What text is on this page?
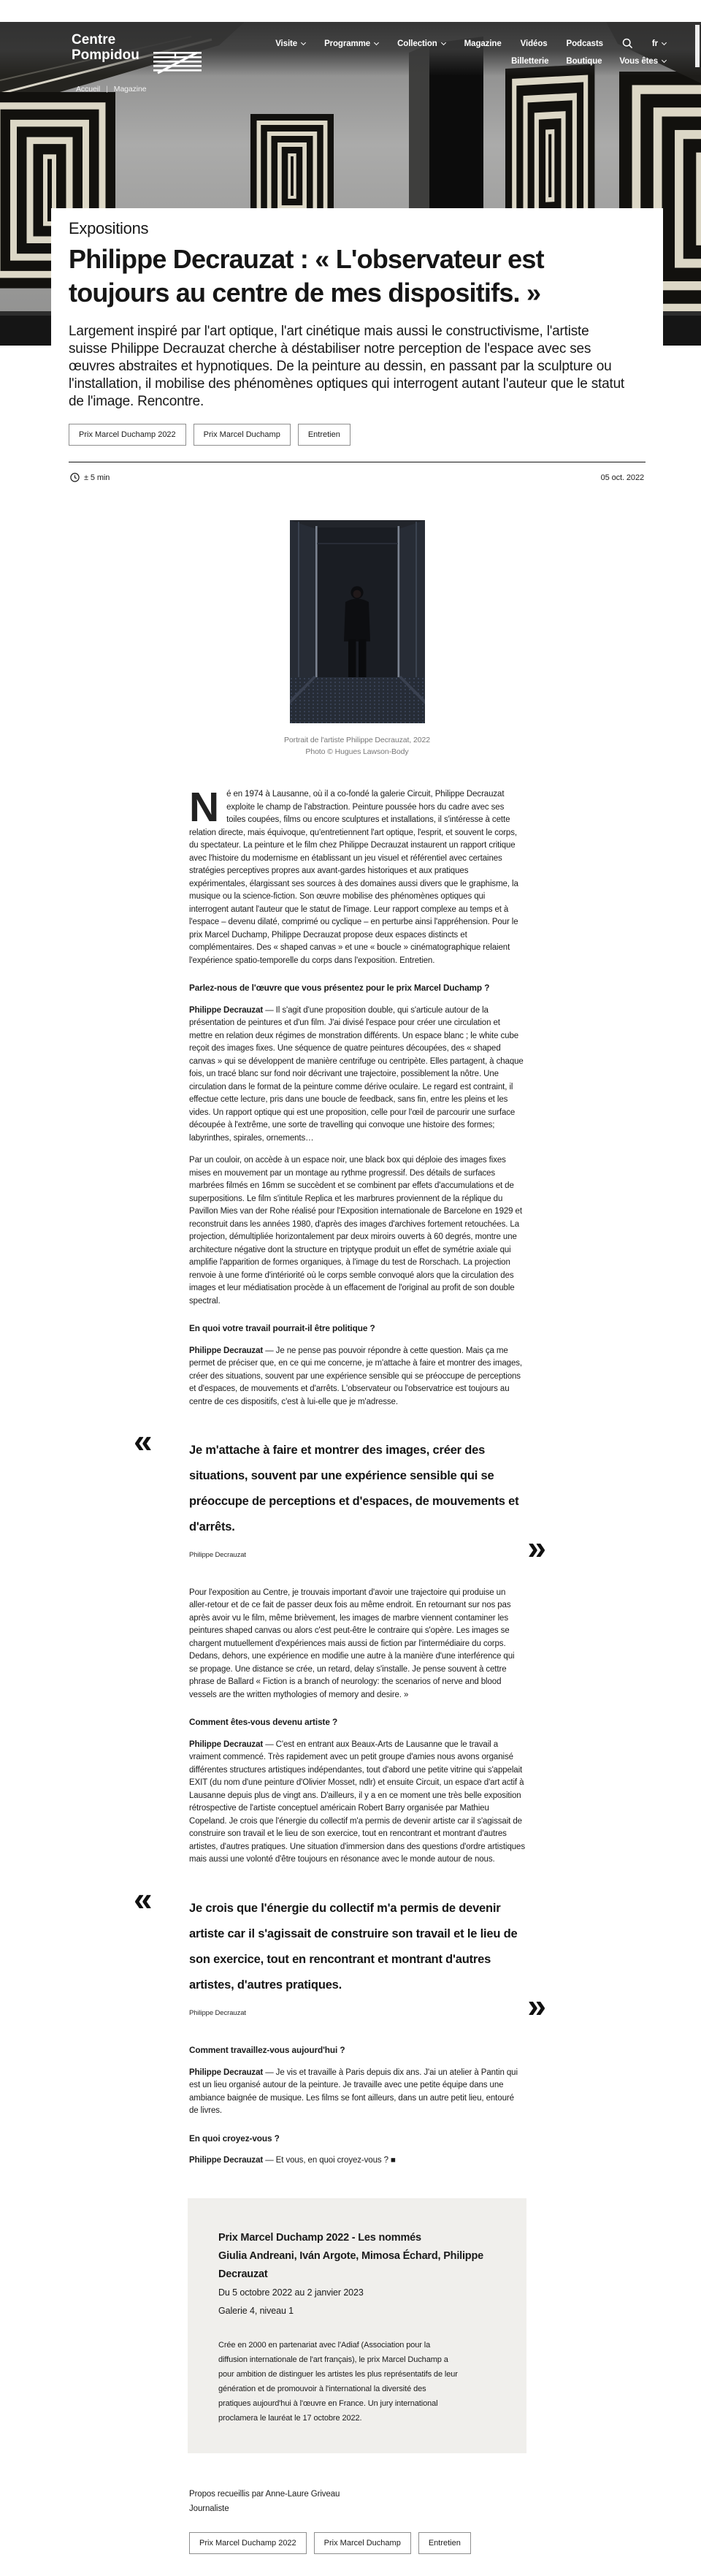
Centre
Pompidou
Visite	Programme	Collection	Magazine Vidéos Podcasts	fr
Billetterie Boutique Vous êtes
Accueil | Magazine
Expositions
Philippe Decrauzat : « L'observateur est toujours au centre de mes dispositifs. »

Largement inspiré par l'art optique, l'art cinétique mais aussi le constructivisme, l'artiste suisse Philippe Decrauzat cherche à déstabiliser notre perception de l'espace avec ses œuvres abstraites et hypnotiques. De la peinture au dessin, en passant par la sculpture ou l'installation, il mobilise des phénomènes optiques qui interrogent autant l'auteur que le statut de l'image. Rencontre.

Prix Marcel Duchamp 2022	Prix Marcel Duchamp	Entretien
± 5 min	05 oct. 2022
Portrait de l'artiste Philippe Decrauzat, 2022
Photo © Hugues Lawson-Body

Né en 1974 à Lausanne, où il a co-fondé la galerie Circuit, Philippe Decrauzat exploite le champ de l'abstraction. Peinture poussée hors du cadre avec ses toiles coupées, films ou encore sculptures et installations, il s'intéresse à cette relation directe, mais équivoque, qu'entretiennent l'art optique, l'esprit, et souvent le corps, du spectateur. La peinture et le film chez Philippe Decrauzat instaurent un rapport critique avec l'histoire du modernisme en établissant un jeu visuel et référentiel avec certaines stratégies perceptives propres aux avant-gardes historiques et aux pratiques expérimentales, élargissant ses sources à des domaines aussi divers que le graphisme, la musique ou la science-fiction. Son œuvre mobilise des phénomènes optiques qui interrogent autant l'auteur que le statut de l'image. Leur rapport complexe au temps et à l'espace – devenu dilaté, comprimé ou cyclique – en perturbe ainsi l'appréhension. Pour le prix Marcel Duchamp, Philippe Decrauzat propose deux espaces distincts et complémentaires. Des « shaped canvas » et une « boucle » cinématographique relaient l'expérience spatio-temporelle du corps dans l'exposition. Entretien.

Parlez-nous de l'œuvre que vous présentez pour le prix Marcel Duchamp ?

Philippe Decrauzat — Il s'agit d'une proposition double, qui s'articule autour de la présentation de peintures et d'un film. J'ai divisé l'espace pour créer une circulation et mettre en relation deux régimes de monstration différents. Un espace blanc ; le white cube reçoit des images fixes. Une séquence de quatre peintures découpées, des « shaped canvas » qui se développent de manière centrifuge ou centripète. Elles partagent, à chaque fois, un tracé blanc sur fond noir décrivant une trajectoire, possiblement la nôtre. Une circulation dans le format de la peinture comme dérive oculaire. Le regard est contraint, il effectue cette lecture, pris dans une boucle de feedback, sans fin, entre les pleins et les vides. Un rapport optique qui est une proposition, celle pour l'œil de parcourir une surface découpée à l'extrême, une sorte de travelling qui convoque une histoire des formes; labyrinthes, spirales, ornements…

Par un couloir, on accède à un espace noir, une black box qui déploie des images fixes mises en mouvement par un montage au rythme progressif. Des détails de surfaces marbrées filmés en 16mm se succèdent et se combinent par effets d'accumulations et de superpositions. Le film s'intitule Replica et les marbrures proviennent de la réplique du Pavillon Mies van der Rohe réalisé pour l'Exposition internationale de Barcelone en 1929 et reconstruit dans les années 1980, d'après des images d'archives fortement retouchées. La projection, démultipliée horizontalement par deux miroirs ouverts à 60 degrés, montre une architecture négative dont la structure en triptyque produit un effet de symétrie axiale qui amplifie l'apparition de formes organiques, à l'image du test de Rorschach. La projection renvoie à une forme d'intériorité où le corps semble convoqué alors que la circulation des images et leur médiatisation procède à un effacement de l'original au profit de son double spectral.

En quoi votre travail pourrait-il être politique ?

Philippe Decrauzat — Je ne pense pas pouvoir répondre à cette question. Mais ça me permet de préciser que, en ce qui me concerne, je m'attache à faire et montrer des images, créer des situations, souvent par une expérience sensible qui se préoccupe de perceptions et d'espaces, de mouvements et d'arrêts. L'observateur ou l'observatrice est toujours au centre de ces dispositifs, c'est à lui-elle que je m'adresse.

«	Je m'attache à faire et montrer des images, créer des situations, souvent par une expérience sensible qui se préoccupe de perceptions et d'espaces, de mouvements et d'arrêts.
»
Philippe Decrauzat

Pour l'exposition au Centre, je trouvais important d'avoir une trajectoire qui produise un aller-retour et de ce fait de passer deux fois au même endroit. En retournant sur nos pas après avoir vu le film, même brièvement, les images de marbre viennent contaminer les peintures shaped canvas ou alors c'est peut-être le contraire qui s'opère. Les images se chargent mutuellement d'expériences mais aussi de fiction par l'intermédiaire du corps. Dedans, dehors, une expérience en modifie une autre à la manière d'une interférence qui se propage. Une distance se crée, un retard, delay s'installe. Je pense souvent à cettre phrase de Ballard « Fiction is a branch of neurology: the scenarios of nerve and blood vessels are the written mythologies of memory and desire. »

Comment êtes-vous devenu artiste ?

Philippe Decrauzat — C'est en entrant aux Beaux-Arts de Lausanne que le travail a vraiment commencé. Très rapidement avec un petit groupe d'amies nous avons organisé différentes structures artistiques indépendantes, tout d'abord une petite vitrine qui s'appelait EXIT (du nom d'une peinture d'Olivier Mosset, ndlr) et ensuite Circuit, un espace d'art actif à Lausanne depuis plus de vingt ans. D'ailleurs, il y a en ce moment une très belle exposition rétrospective de l'artiste conceptuel américain Robert Barry organisée par Mathieu Copeland. Je crois que l'énergie du collectif m'a permis de devenir artiste car il s'agissait de construire son travail et le lieu de son exercice, tout en rencontrant et montrant d'autres artistes, d'autres pratiques. Une situation d'immersion dans des questions d'ordre artistiques mais aussi une volonté d'être toujours en résonance avec le monde autour de nous.

«	Je crois que l'énergie du collectif m'a permis de devenir artiste car il s'agissait de construire son travail et le lieu de son exercice, tout en rencontrant et montrant d'autres artistes, d'autres pratiques.
»
Philippe Decrauzat

Comment travaillez-vous aujourd'hui ?

Philippe Decrauzat — Je vis et travaille à Paris depuis dix ans. J'ai un atelier à Pantin qui est un lieu organisé autour de la peinture. Je travaille avec une petite équipe dans une ambiance baignée de musique. Les films se font ailleurs, dans un autre petit lieu, entouré de livres.

En quoi croyez-vous ?

Philippe Decrauzat — Et vous, en quoi croyez-vous ? ■

Prix Marcel Duchamp 2022 - Les nommés
Giulia Andreani, Iván Argote, Mimosa Échard, Philippe Decrauzat

Du 5 octobre 2022 au 2 janvier 2023

Galerie 4, niveau 1

Crée en 2000 en partenariat avec l'Adiaf (Association pour la diffusion internationale de l'art français), le prix Marcel Duchamp a pour ambition de distinguer les artistes les plus représentatifs de leur génération et de promouvoir à l'international la diversité des pratiques aujourd'hui à l'œuvre en France. Un jury international proclamera le lauréat le 17 octobre 2022.

Propos recueillis par Anne-Laure Griveau

Journaliste

Prix Marcel Duchamp 2022	Prix Marcel Duchamp	Entretien
